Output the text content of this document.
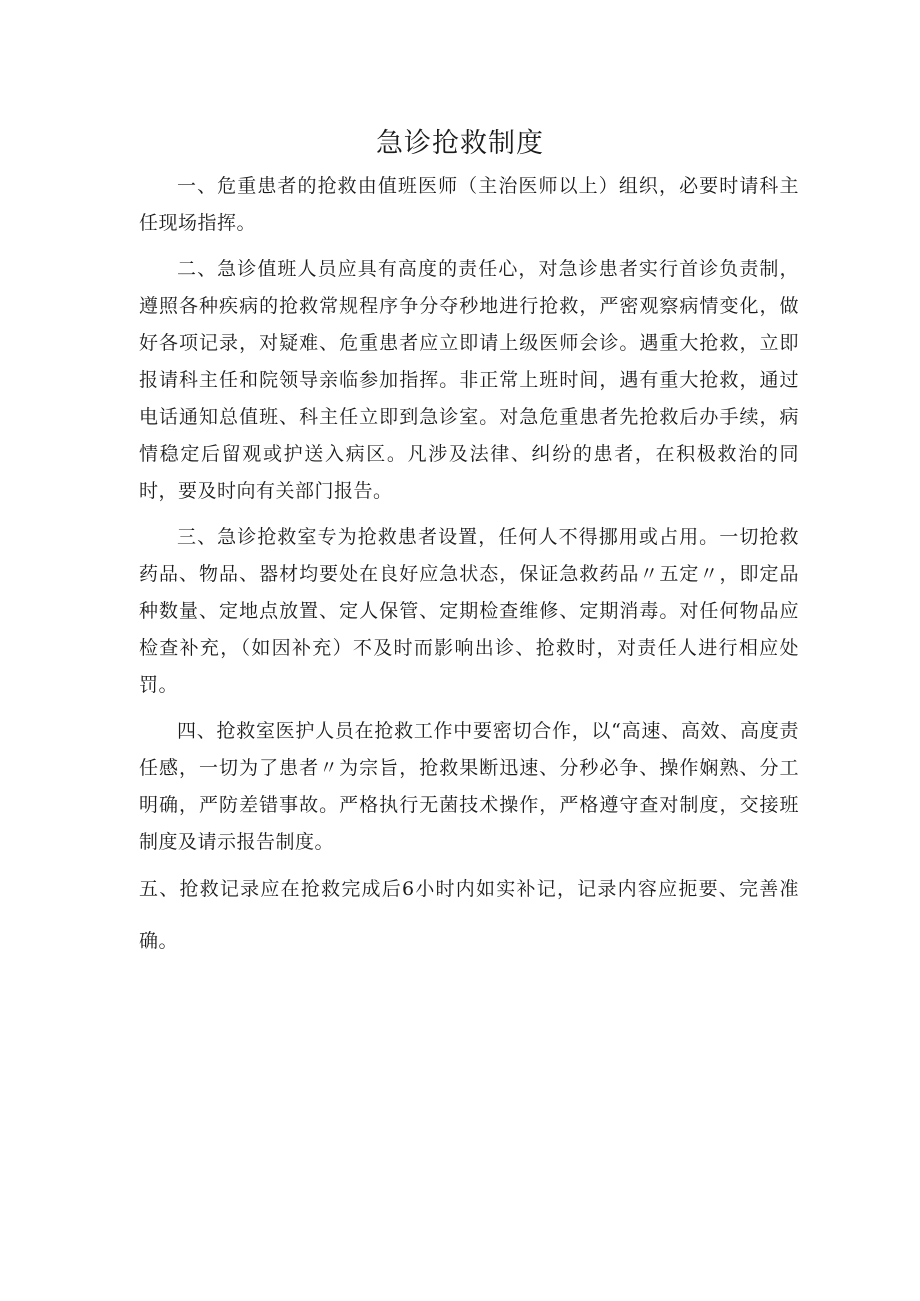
急诊抢救制度

一、危重患者的抢救由值班医师（主治医师以上）组织，必要时请科主任现场指挥。

二、急诊值班人员应具有高度的责任心，对急诊患者实行首诊负责制，遵照各种疾病的抢救常规程序争分夺秒地进行抢救，严密观察病情变化，做好各项记录，对疑难、危重患者应立即请上级医师会诊。遇重大抢救，立即报请科主任和院领导亲临参加指挥。非正常上班时间，遇有重大抢救，通过电话通知总值班、科主任立即到急诊室。对急危重患者先抢救后办手续，病情稳定后留观或护送入病区。凡涉及法律、纠纷的患者，在积极救治的同时，要及时向有关部门报告。

三、急诊抢救室专为抢救患者设置，任何人不得挪用或占用。一切抢救药品、物品、器材均要处在良好应急状态，保证急救药品〃五定〃，即定品种数量、定地点放置、定人保管、定期检查维修、定期消毒。对任何物品应检查补充，（如因补充）不及时而影响出诊、抢救时，对责任人进行相应处罚。

四、抢救室医护人员在抢救工作中要密切合作，以“高速、高效、高度责任感，一切为了患者〃为宗旨，抢救果断迅速、分秒必争、操作娴熟、分工明确，严防差错事故。严格执行无菌技术操作，严格遵守查对制度，交接班制度及请示报告制度。

五、抢救记录应在抢救完成后6小时内如实补记，记录内容应扼要、完善准确。
